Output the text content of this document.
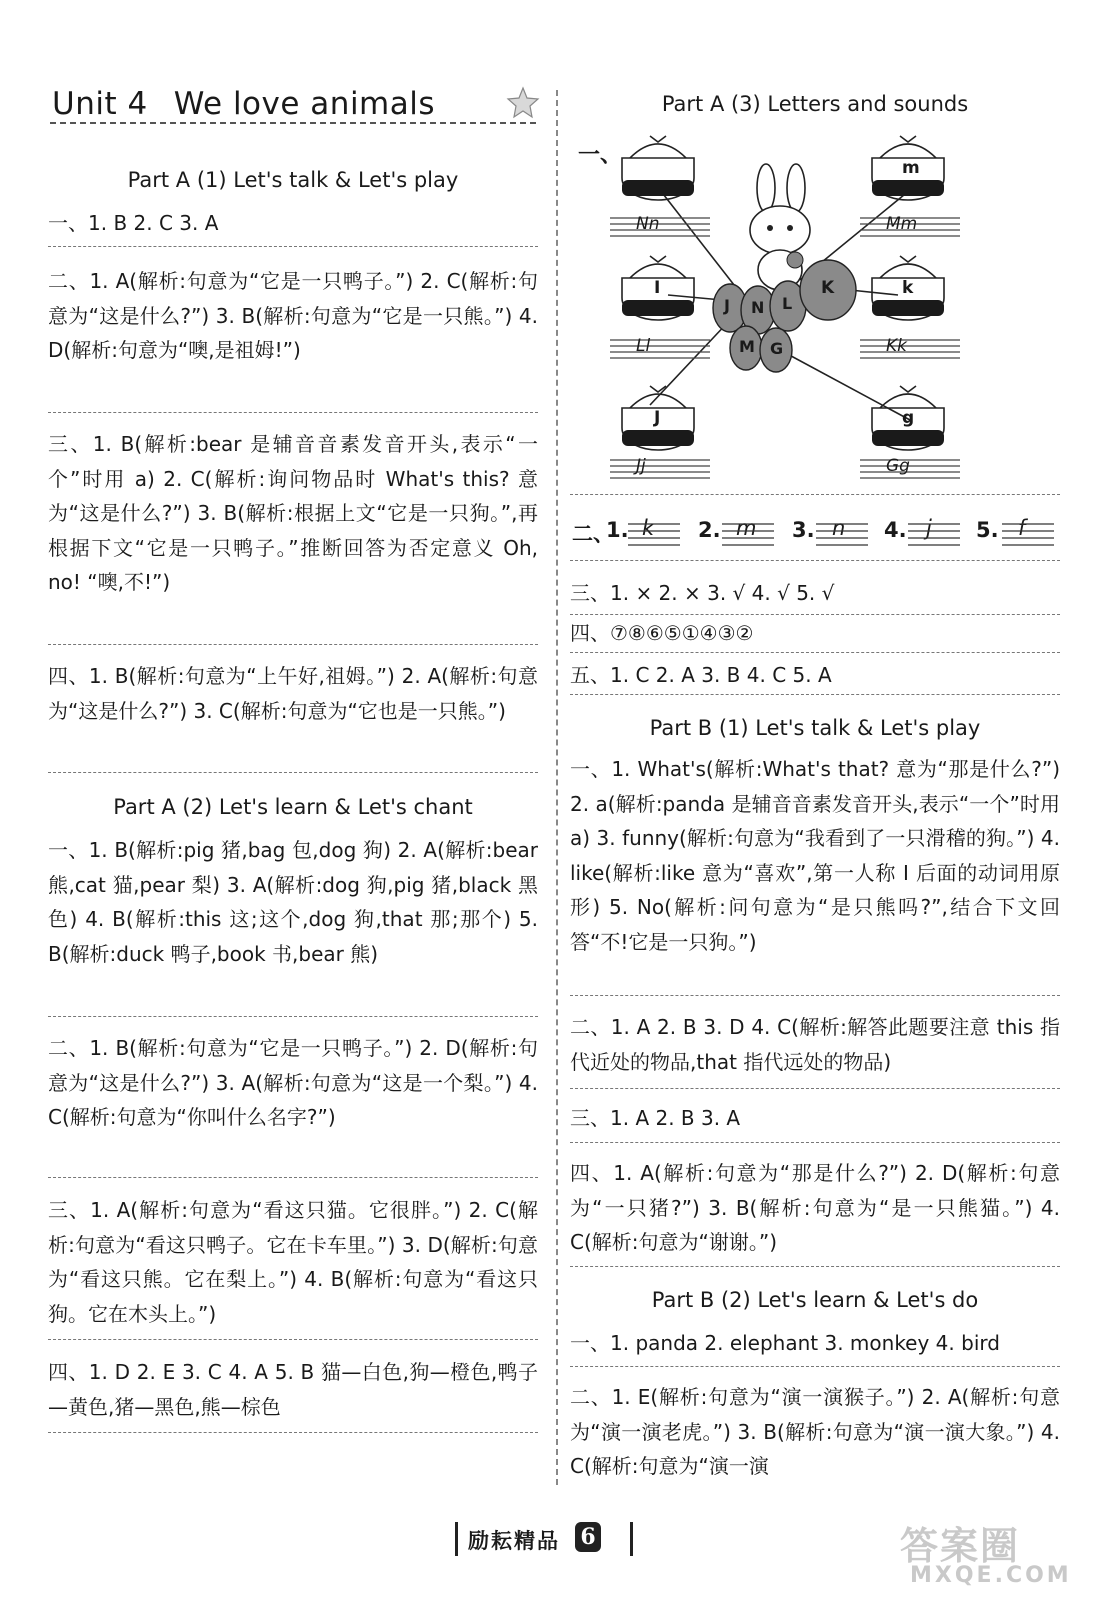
Unit 4 We love animals
Part A (1) Let's talk & Let's play
一、1. B 2. C 3. A
二、1. A(解析:句意为“它是一只鸭子。”) 2. C(解析:句意为“这是什么?”) 3. B(解析:句意为“它是一只熊。”) 4. D(解析:句意为“噢,是祖姆!”)
三、1. B(解析:bear 是辅音音素发音开头,表示“一个”时用 a) 2. C(解析:询问物品时 What's this? 意为“这是什么?”) 3. B(解析:根据上文“它是一只狗。”,再根据下文“它是一只鸭子。”推断回答为否定意义 Oh, no! “噢,不!”)
四、1. B(解析:句意为“上午好,祖姆。”) 2. A(解析:句意为“这是什么?”) 3. C(解析:句意为“它也是一只熊。”)
Part A (2) Let's learn & Let's chant
一、1. B(解析:pig 猪,bag 包,dog 狗) 2. A(解析:bear 熊,cat 猫,pear 梨) 3. A(解析:dog 狗,pig 猪,black 黑色) 4. B(解析:this 这;这个,dog 狗,that 那;那个) 5. B(解析:duck 鸭子,book 书,bear 熊)
二、1. B(解析:句意为“它是一只鸭子。”) 2. D(解析:句意为“这是什么?”) 3. A(解析:句意为“这是一个梨。”) 4. C(解析:句意为“你叫什么名字?”)
三、1. A(解析:句意为“看这只猫。它很胖。”) 2. C(解析:句意为“看这只鸭子。它在卡车里。”) 3. D(解析:句意为“看这只熊。它在梨上。”) 4. B(解析:句意为“看这只狗。它在木头上。”)
四、1. D 2. E 3. C 4. A 5. B 猫—白色,狗—橙色,鸭子—黄色,猪—黑色,熊—棕色
Part A (3) Letters and sounds
一、	m
k
g
I
J
Nn	Mm
Ll	Kk
Jj	Gg
J N L
K
M G
二、
1. k 2. m 3. n 4. j 5. f
三、1. × 2. × 3. √ 4. √ 5. √
四、⑦⑧⑥⑤①④③②
五、1. C 2. A 3. B 4. C 5. A
Part B (1) Let's talk & Let's play
一、1. What's(解析:What's that? 意为“那是什么?”) 2. a(解析:panda 是辅音音素发音开头,表示“一个”时用 a) 3. funny(解析:句意为“我看到了一只滑稽的狗。”) 4. like(解析:like 意为“喜欢”,第一人称 I 后面的动词用原形) 5. No(解析:问句意为“是只熊吗?”,结合下文回答“不!它是一只狗。”)
二、1. A 2. B 3. D 4. C(解析:解答此题要注意 this 指代近处的物品,that 指代远处的物品)
三、1. A 2. B 3. A
四、1. A(解析:句意为“那是什么?”) 2. D(解析:句意为“一只猪?”) 3. B(解析:句意为“是一只熊猫。”) 4. C(解析:句意为“谢谢。”)
Part B (2) Let's learn & Let's do
一、1. panda 2. elephant 3. monkey 4. bird
二、1. E(解析:句意为“演一演猴子。”) 2. A(解析:句意为“演一演老虎。”) 3. B(解析:句意为“演一演大象。”) 4. C(解析:句意为“演一演
励耘精品 6	答案圈
MXQE.COM
